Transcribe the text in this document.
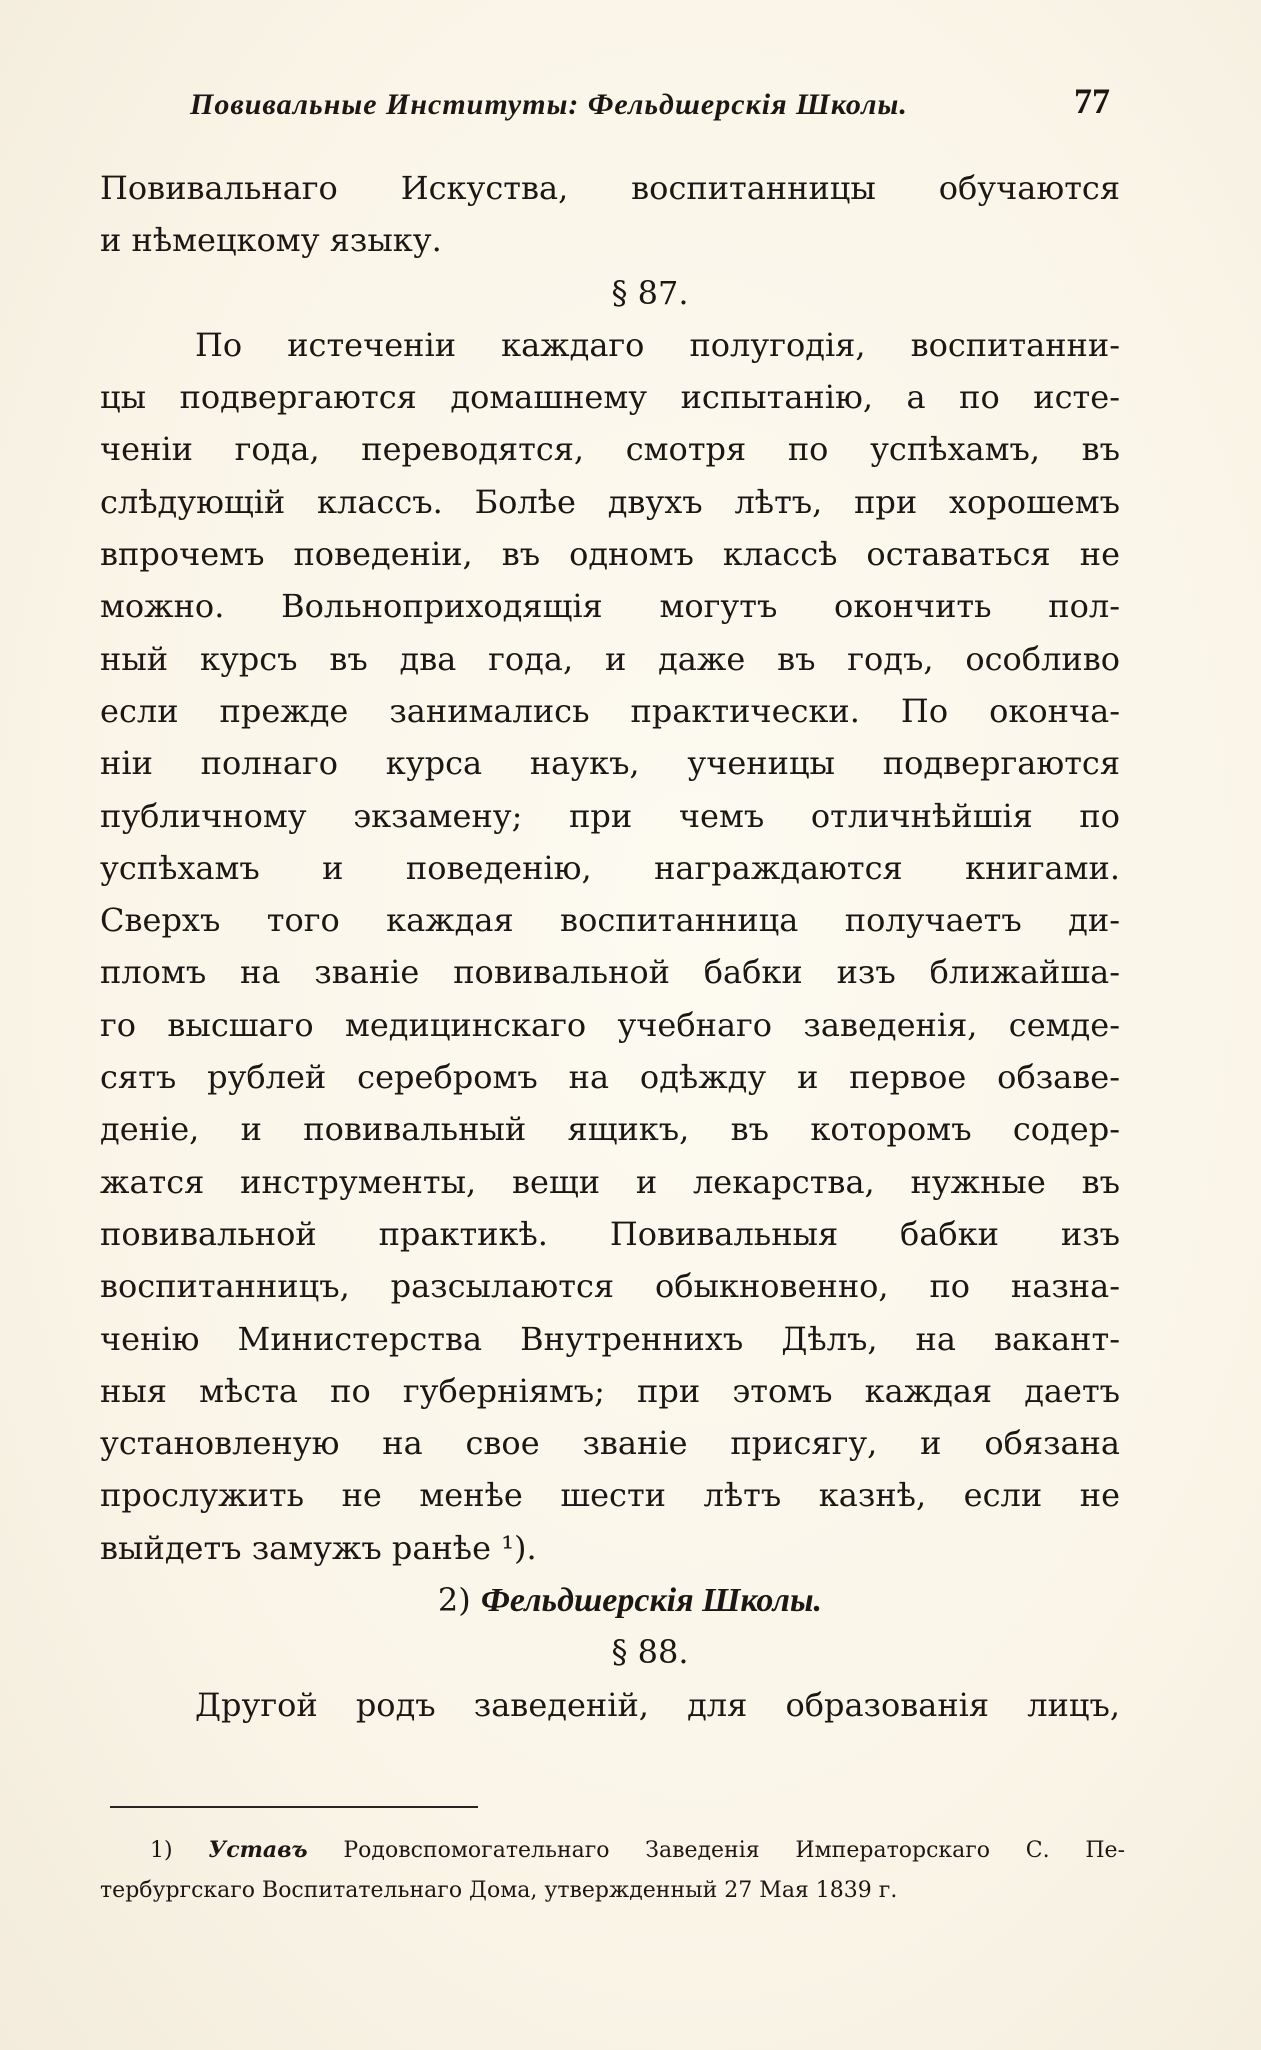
Повивальные Институты: Фельдшерскія Школы.	77
Повивальнаго Искуства, воспитанницы обучаются
и нѣмецкому языку.
§ 87.
По истеченіи каждаго полугодія, воспитанни-
цы подвергаются домашнему испытанію, а по исте-
ченіи года, переводятся, смотря по успѣхамъ, въ
слѣдующій классъ. Болѣе двухъ лѣтъ, при хорошемъ
впрочемъ поведеніи, въ одномъ классѣ оставаться не
можно. Вольноприходящія могутъ окончить пол-
ный курсъ въ два года, и даже въ годъ, особливо
если прежде занимались практически. По оконча-
ніи полнаго курса наукъ, ученицы подвергаются
публичному экзамену; при чемъ отличнѣйшія по
успѣхамъ и поведенію, награждаются книгами.
Сверхъ того каждая воспитанница получаетъ ди-
пломъ на званіе повивальной бабки изъ ближайша-
го высшаго медицинскаго учебнаго заведенія, семде-
сятъ рублей серебромъ на одѣжду и первое обзаве-
деніе, и повивальный ящикъ, въ которомъ содер-
жатся инструменты, вещи и лекарства, нужные въ
повивальной практикѣ. Повивальныя бабки изъ
воспитанницъ, разсылаются обыкновенно, по назна-
ченію Министерства Внутреннихъ Дѣлъ, на вакант-
ныя мѣста по губерніямъ; при этомъ каждая даетъ
установленую на свое званіе присягу, и обязана
прослужить не менѣе шести лѣтъ казнѣ, если не
выйдетъ замужъ ранѣе ¹).
2) Фельдшерскія Школы.
§ 88.
Другой родъ заведеній, для образованія лицъ,
1) Уставъ Родовспомогательнаго Заведенія Императорскаго С. Пе-
тербургскаго Воспитательнаго Дома, утвержденный 27 Мая 1839 г.
